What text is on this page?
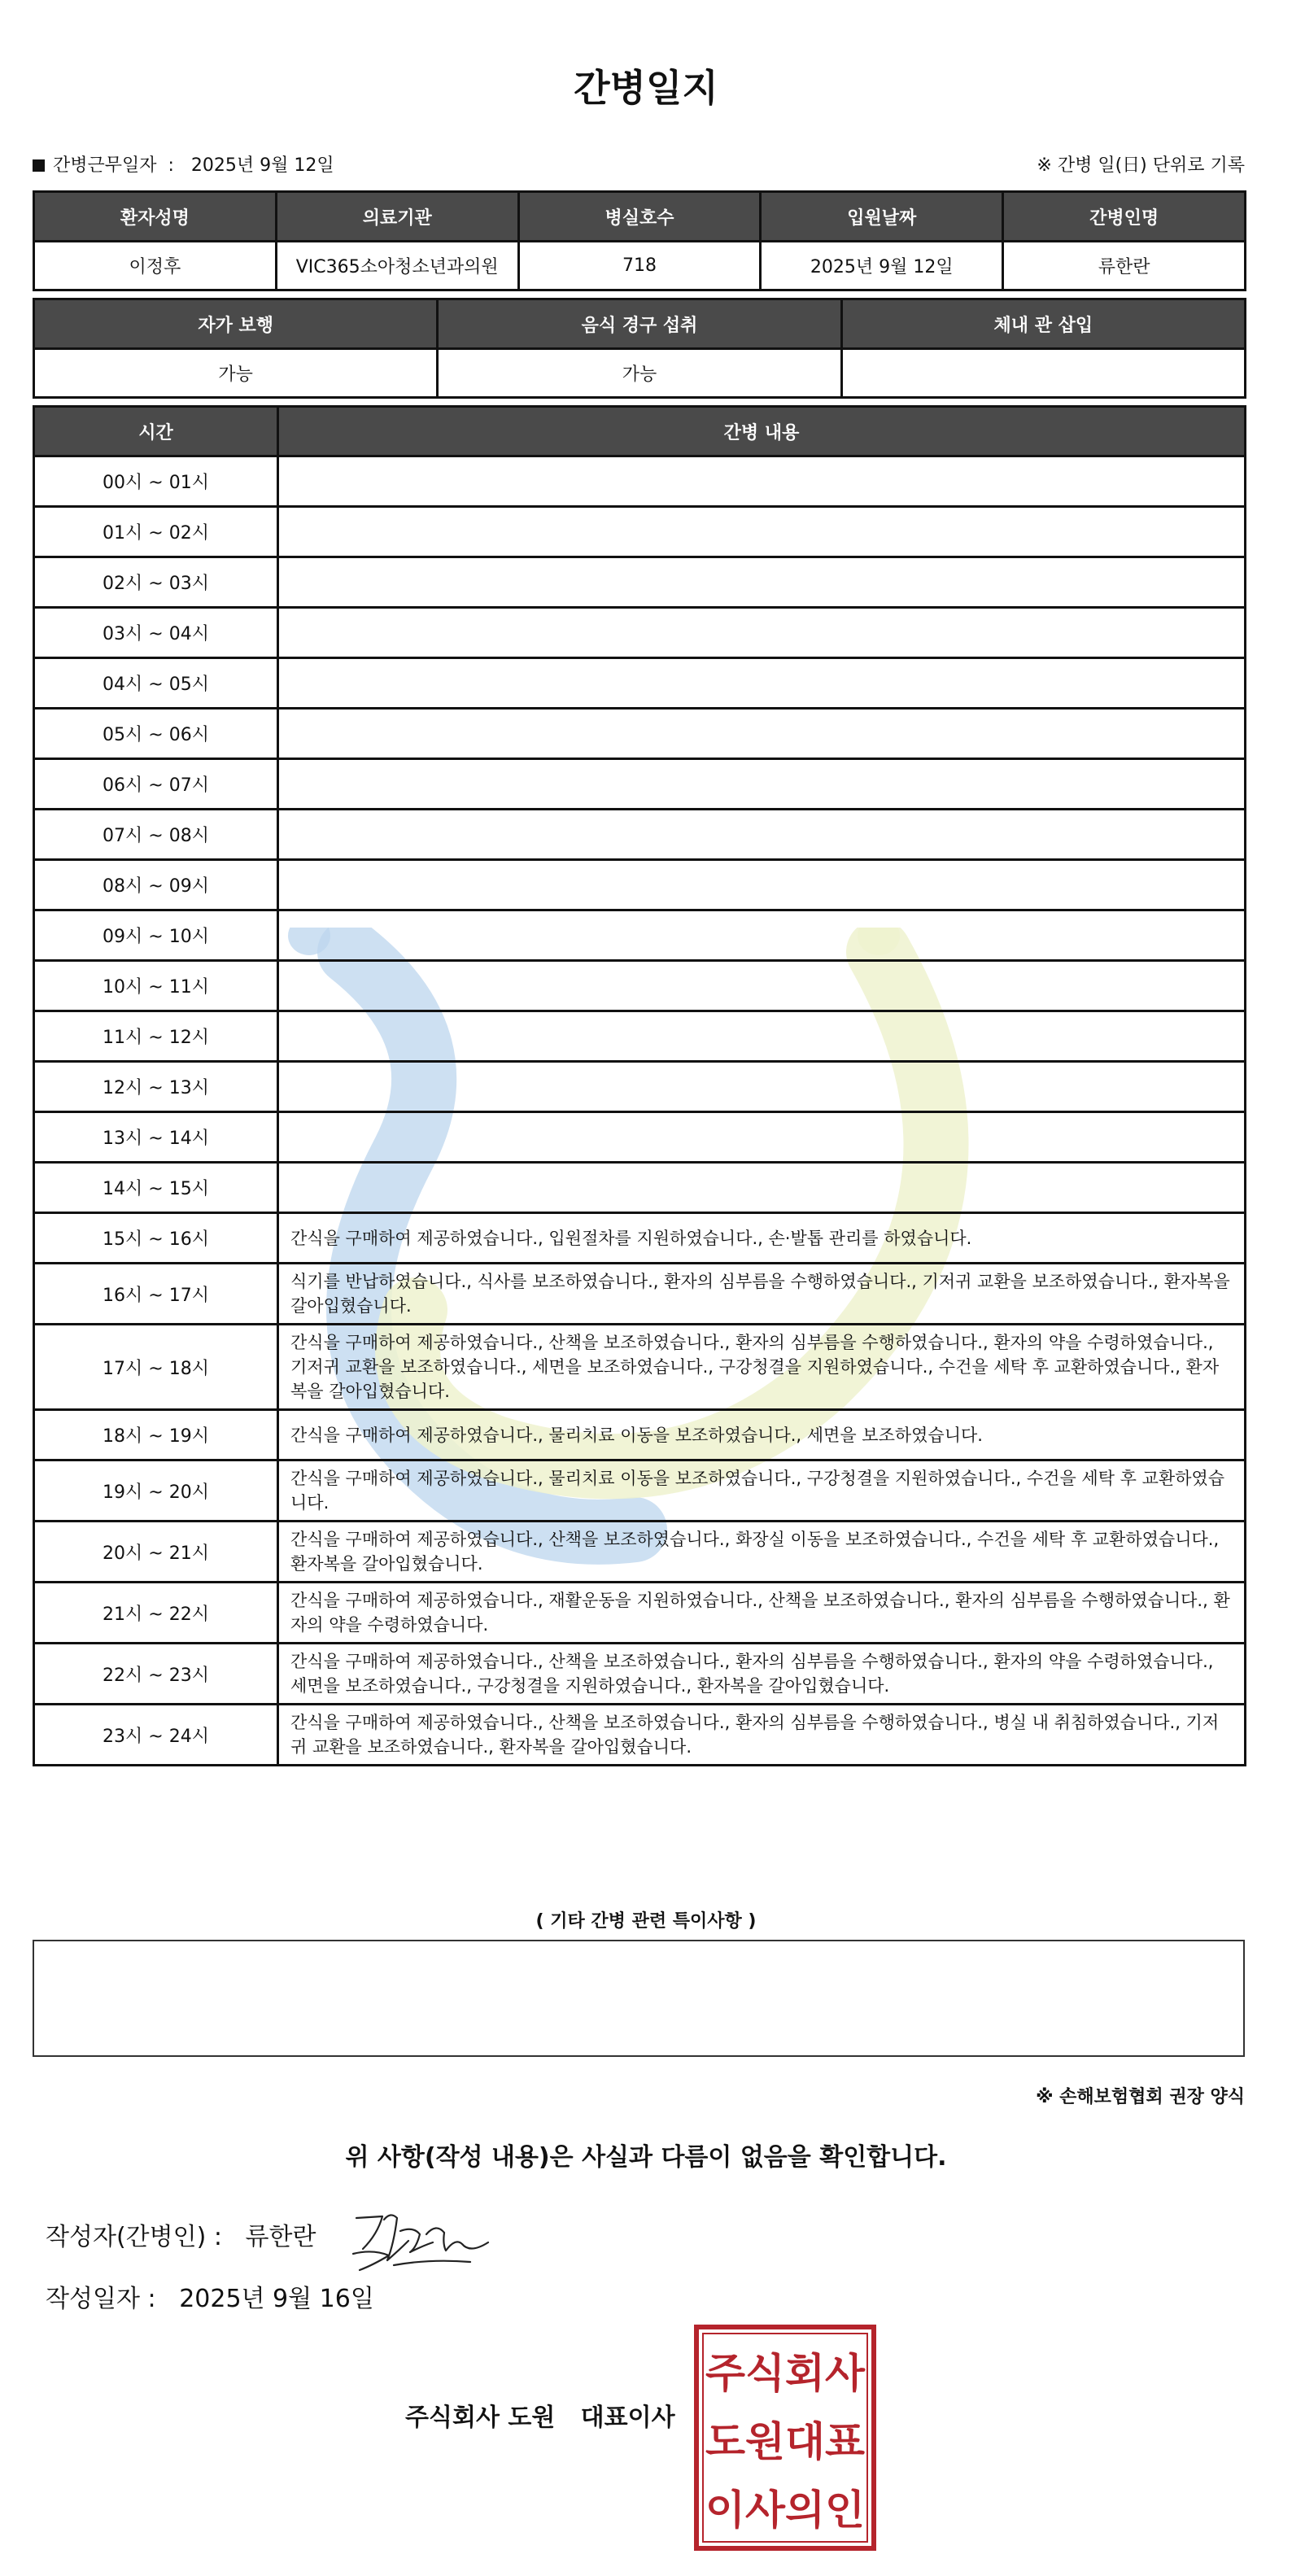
간병일지
간병근무일자 : 2025년 9월 12일	※ 간병 일(日) 단위로 기록
환자성명	의료기관	병실호수	입원날짜	간병인명
이정후	VIC365소아청소년과의원	718	2025년 9월 12일	류한란
자가 보행	음식 경구 섭취	체내 관 삽입
가능	가능	
시간	간병 내용
00시 ~ 01시	
01시 ~ 02시	
02시 ~ 03시	
03시 ~ 04시	
04시 ~ 05시	
05시 ~ 06시	
06시 ~ 07시	
07시 ~ 08시	
08시 ~ 09시	
09시 ~ 10시	
10시 ~ 11시	
11시 ~ 12시	
12시 ~ 13시	
13시 ~ 14시	
14시 ~ 15시	
15시 ~ 16시	간식을 구매하여 제공하였습니다., 입원절차를 지원하였습니다., 손·발톱 관리를 하였습니다.
16시 ~ 17시	식기를 반납하였습니다., 식사를 보조하였습니다., 환자의 심부름을 수행하였습니다., 기저귀 교환을 보조하였습니다., 환자복을 갈아입혔습니다.
17시 ~ 18시	간식을 구매하여 제공하였습니다., 산책을 보조하였습니다., 환자의 심부름을 수행하였습니다., 환자의 약을 수령하였습니다., 기저귀 교환을 보조하였습니다., 세면을 보조하였습니다., 구강청결을 지원하였습니다., 수건을 세탁 후 교환하였습니다., 환자복을 갈아입혔습니다.
18시 ~ 19시	간식을 구매하여 제공하였습니다., 물리치료 이동을 보조하였습니다., 세면을 보조하였습니다.
19시 ~ 20시	간식을 구매하여 제공하였습니다., 물리치료 이동을 보조하였습니다., 구강청결을 지원하였습니다., 수건을 세탁 후 교환하였습니다.
20시 ~ 21시	간식을 구매하여 제공하였습니다., 산책을 보조하였습니다., 화장실 이동을 보조하였습니다., 수건을 세탁 후 교환하였습니다., 환자복을 갈아입혔습니다.
21시 ~ 22시	간식을 구매하여 제공하였습니다., 재활운동을 지원하였습니다., 산책을 보조하였습니다., 환자의 심부름을 수행하였습니다., 환자의 약을 수령하였습니다.
22시 ~ 23시	간식을 구매하여 제공하였습니다., 산책을 보조하였습니다., 환자의 심부름을 수행하였습니다., 환자의 약을 수령하였습니다., 세면을 보조하였습니다., 구강청결을 지원하였습니다., 환자복을 갈아입혔습니다.
23시 ~ 24시	간식을 구매하여 제공하였습니다., 산책을 보조하였습니다., 환자의 심부름을 수행하였습니다., 병실 내 취침하였습니다., 기저귀 교환을 보조하였습니다., 환자복을 갈아입혔습니다.
( 기타 간병 관련 특이사항 )
※ 손해보험협회 권장 양식
위 사항(작성 내용)은 사실과 다름이 없음을 확인합니다.
작성자(간병인) : 류한란
작성일자 : 2025년 9월 16일
주식회사 도원 대표이사
주식회사
도원대표
이사의인
